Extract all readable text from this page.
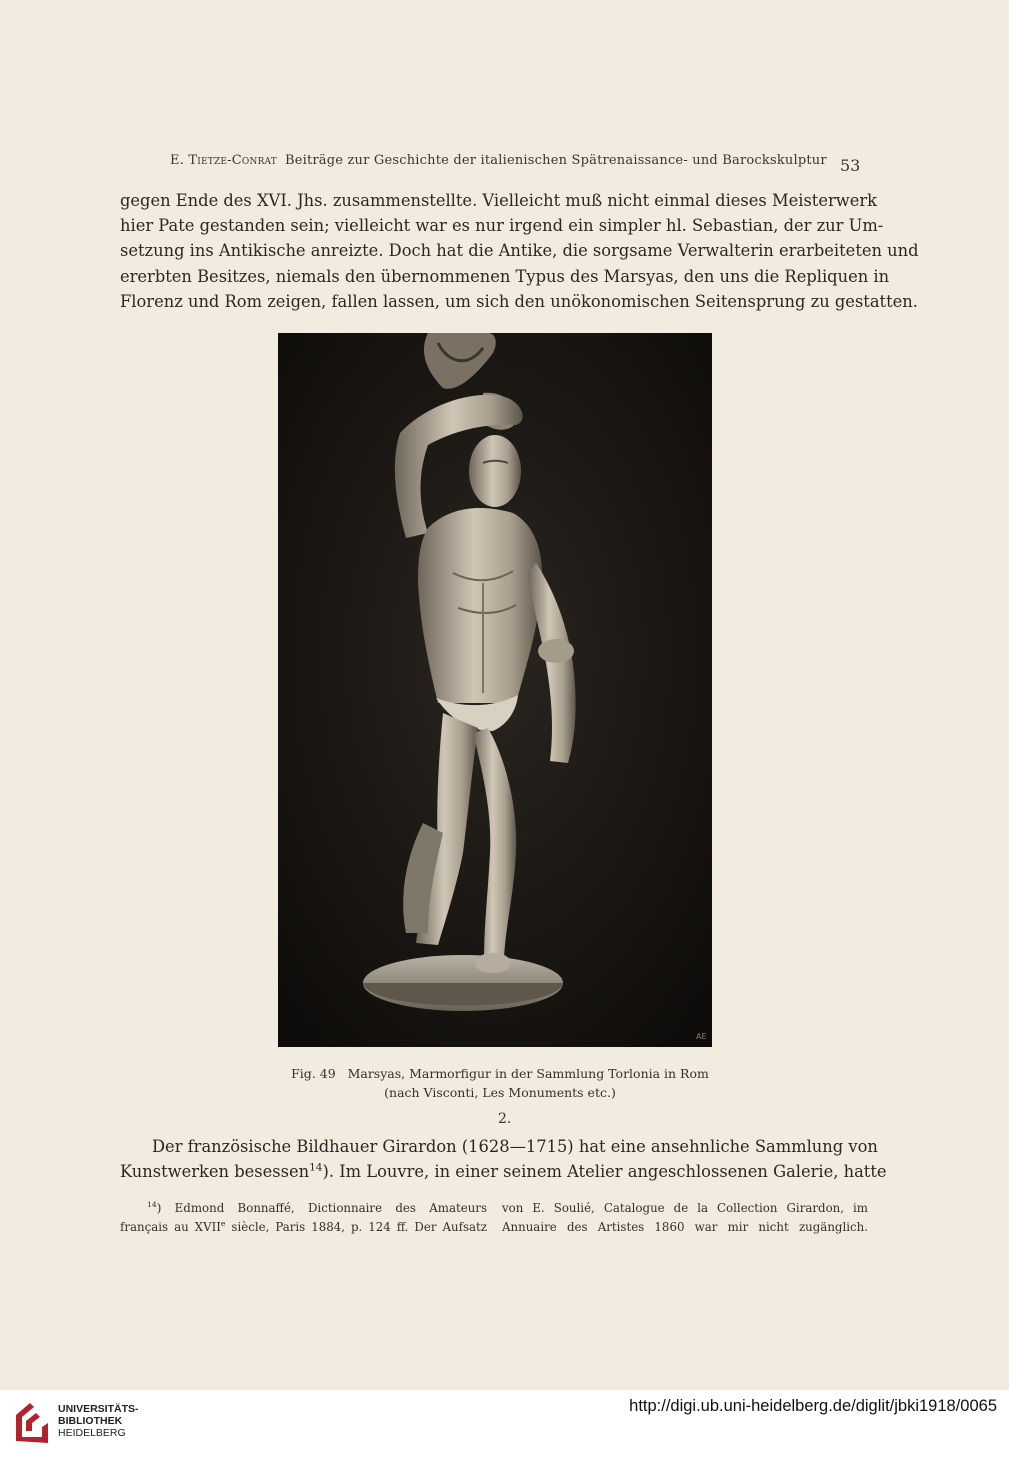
E. Tietze-Conrat Beiträge zur Geschichte der italienischen Spätrenaissance- und Barockskulptur 53
gegen Ende des XVI. Jhs. zusammenstellte. Vielleicht muß nicht einmal dieses Meisterwerk
hier Pate gestanden sein; vielleicht war es nur irgend ein simpler hl. Sebastian, der zur Um-
setzung ins Antikische anreizte. Doch hat die Antike, die sorgsame Verwalterin erarbeiteten und
ererbten Besitzes, niemals den übernommenen Typus des Marsyas, den uns die Repliquen in
Florenz und Rom zeigen, fallen lassen, um sich den unökonomischen Seitensprung zu gestatten.
AE
Fig. 49   Marsyas, Marmorfigur in der Sammlung Torlonia in Rom
(nach Visconti, Les Monuments etc.)
2.
Der französische Bildhauer Girardon (1628—1715) hat eine ansehnliche Sammlung von
Kunstwerken besessen$^{14}$). Im Louvre, in einer seinem Atelier angeschlossenen Galerie, hatte
$^{14}$) Edmond Bonnaffé, Dictionnaire des Amateurs
français au XVIIe siècle, Paris 1884, p. 124 ff. Der Aufsatz
von E. Soulié, Catalogue de la Collection Girardon, im
Annuaire des Artistes 1860 war mir nicht zugänglich.
UNIVERSITÄTS-
BIBLIOTHEK
HEIDELBERG
http://digi.ub.uni-heidelberg.de/diglit/jbki1918/0065
